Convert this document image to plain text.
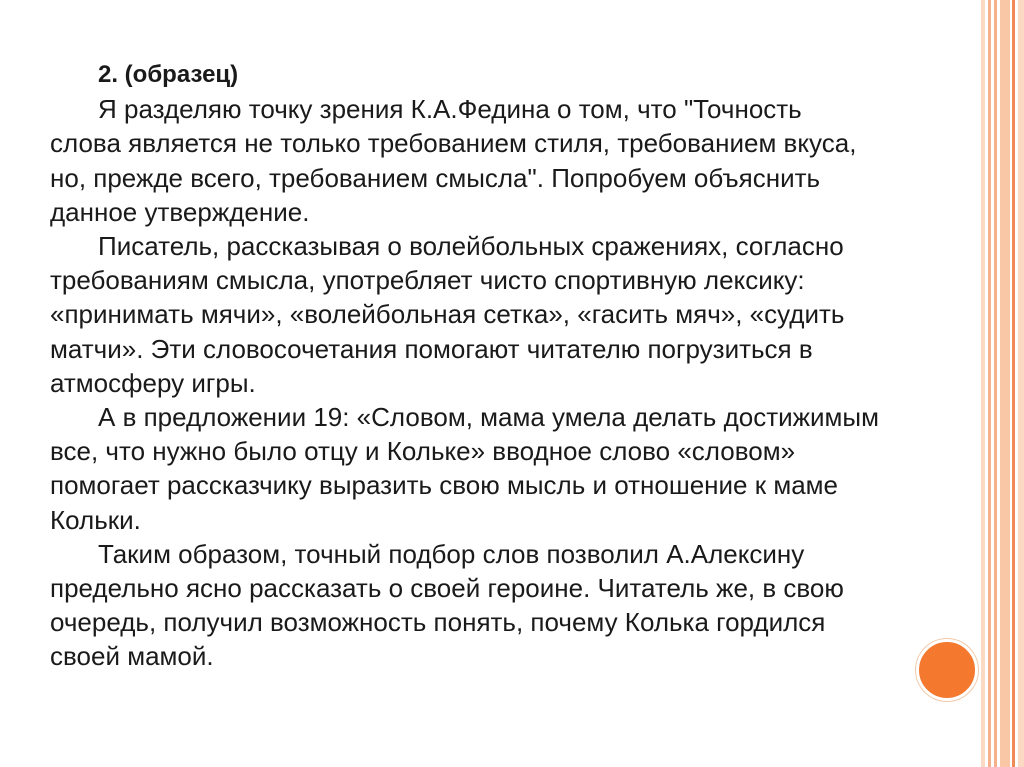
2. (образец)

Я разделяю точку зрения К.А.Федина о том, что "Точность
слова является не только требованием стиля, требованием вкуса,
но, прежде всего, требованием смысла". Попробуем объяснить
данное утверждение.

Писатель, рассказывая о волейбольных сражениях, согласно
требованиям смысла, употребляет чисто спортивную лексику:
«принимать мячи», «волейбольная сетка», «гасить мяч», «судить
матчи». Эти словосочетания помогают читателю погрузиться в
атмосферу игры.

А в предложении 19: «Словом, мама умела делать достижимым
все, что нужно было отцу и Кольке» вводное слово «словом»
помогает рассказчику выразить свою мысль и отношение к маме
Кольки.

Таким образом, точный подбор слов позволил А.Алексину
предельно ясно рассказать о своей героине. Читатель же, в свою
очередь, получил возможность понять, почему Колька гордился
своей мамой.
